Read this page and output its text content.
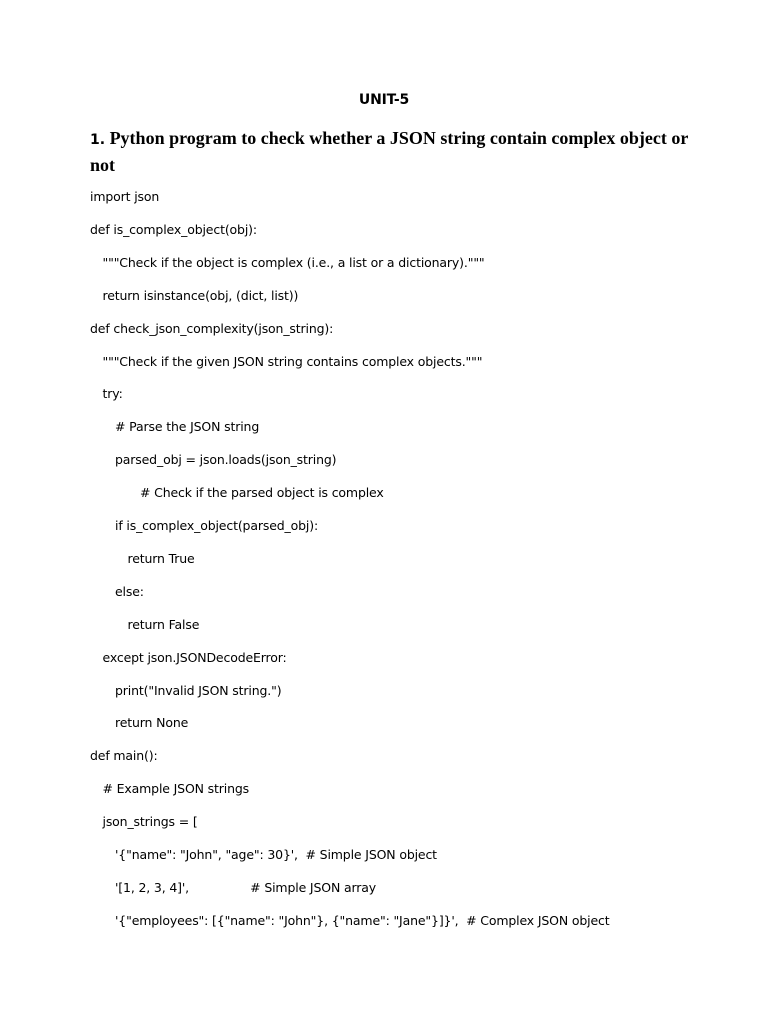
UNIT-5
1. Python program to check whether a JSON string contain complex object or not
import json
def is_complex_object(obj):
"""Check if the object is complex (i.e., a list or a dictionary)."""
return isinstance(obj, (dict, list))
def check_json_complexity(json_string):
"""Check if the given JSON string contains complex objects."""
try:
# Parse the JSON string
parsed_obj = json.loads(json_string)
# Check if the parsed object is complex
if is_complex_object(parsed_obj):
return True
else:
return False
except json.JSONDecodeError:
print("Invalid JSON string.")
return None
def main():
# Example JSON strings
json_strings = [
'{"name": "John", "age": 30}',  # Simple JSON object
'[1, 2, 3, 4]',                # Simple JSON array
'{"employees": [{"name": "John"}, {"name": "Jane"}]}',  # Complex JSON object
